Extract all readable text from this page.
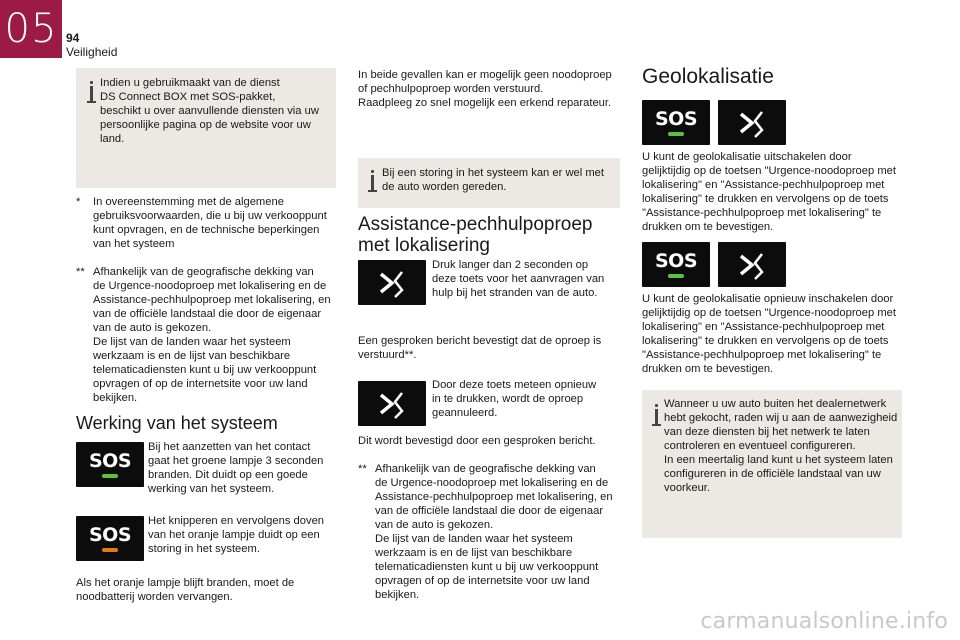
05 94
Veiligheid
Indien u gebruikmaakt van de dienst
DS Connect BOX met SOS-pakket,
beschikt u over aanvullende diensten via uw
persoonlijke pagina op de website voor uw
land.
*	In overeenstemming met de algemene
gebruiksvoorwaarden, die u bij uw verkooppunt
kunt opvragen, en de technische beperkingen
van het systeem
** Afhankelijk van de geografische dekking van
de Urgence-noodoproep met lokalisering en de
Assistance-pechhulpoproep met lokalisering, en
van de officiële landstaal die door de eigenaar
van de auto is gekozen.
De lijst van de landen waar het systeem
werkzaam is en de lijst van beschikbare
telematicadiensten kunt u bij uw verkooppunt
opvragen of op de internetsite voor uw land
bekijken.
Werking van het systeem
SOS
Bij het aanzetten van het contact
gaat het groene lampje 3 seconden
branden. Dit duidt op een goede
werking van het systeem.
SOS
Het knipperen en vervolgens doven
van het oranje lampje duidt op een
storing in het systeem.
Als het oranje lampje blijft branden, moet de
noodbatterij worden vervangen.
In beide gevallen kan er mogelijk geen noodoproep
of pechhulpoproep worden verstuurd.
Raadpleeg zo snel mogelijk een erkend reparateur.
Bij een storing in het systeem kan er wel met
de auto worden gereden.
Assistance-pechhulpoproep
met lokalisering
Druk langer dan 2 seconden op
deze toets voor het aanvragen van
hulp bij het stranden van de auto.
Een gesproken bericht bevestigt dat de oproep is
verstuurd**.
Door deze toets meteen opnieuw
in te drukken, wordt de oproep
geannuleerd.
Dit wordt bevestigd door een gesproken bericht.
** Afhankelijk van de geografische dekking van
de Urgence-noodoproep met lokalisering en de
Assistance-pechhulpoproep met lokalisering, en
van de officiële landstaal die door de eigenaar
van de auto is gekozen.
De lijst van de landen waar het systeem
werkzaam is en de lijst van beschikbare
telematicadiensten kunt u bij uw verkooppunt
opvragen of op de internetsite voor uw land
bekijken.
Geolokalisatie
SOS
U kunt de geolokalisatie uitschakelen door
gelijktijdig op de toetsen "Urgence-noodoproep met
lokalisering" en "Assistance-pechhulpoproep met
lokalisering" te drukken en vervolgens op de toets
"Assistance-pechhulpoproep met lokalisering" te
drukken om te bevestigen.
SOS
U kunt de geolokalisatie opnieuw inschakelen door
gelijktijdig op de toetsen "Urgence-noodoproep met
lokalisering" en "Assistance-pechhulpoproep met
lokalisering" te drukken en vervolgens op de toets
"Assistance-pechhulpoproep met lokalisering" te
drukken om te bevestigen.
Wanneer u uw auto buiten het dealernetwerk
hebt gekocht, raden wij u aan de aanwezigheid
van deze diensten bij het netwerk te laten
controleren en eventueel configureren.
In een meertalig land kunt u het systeem laten
configureren in de officiële landstaal van uw
voorkeur.
carmanualsonline.info
